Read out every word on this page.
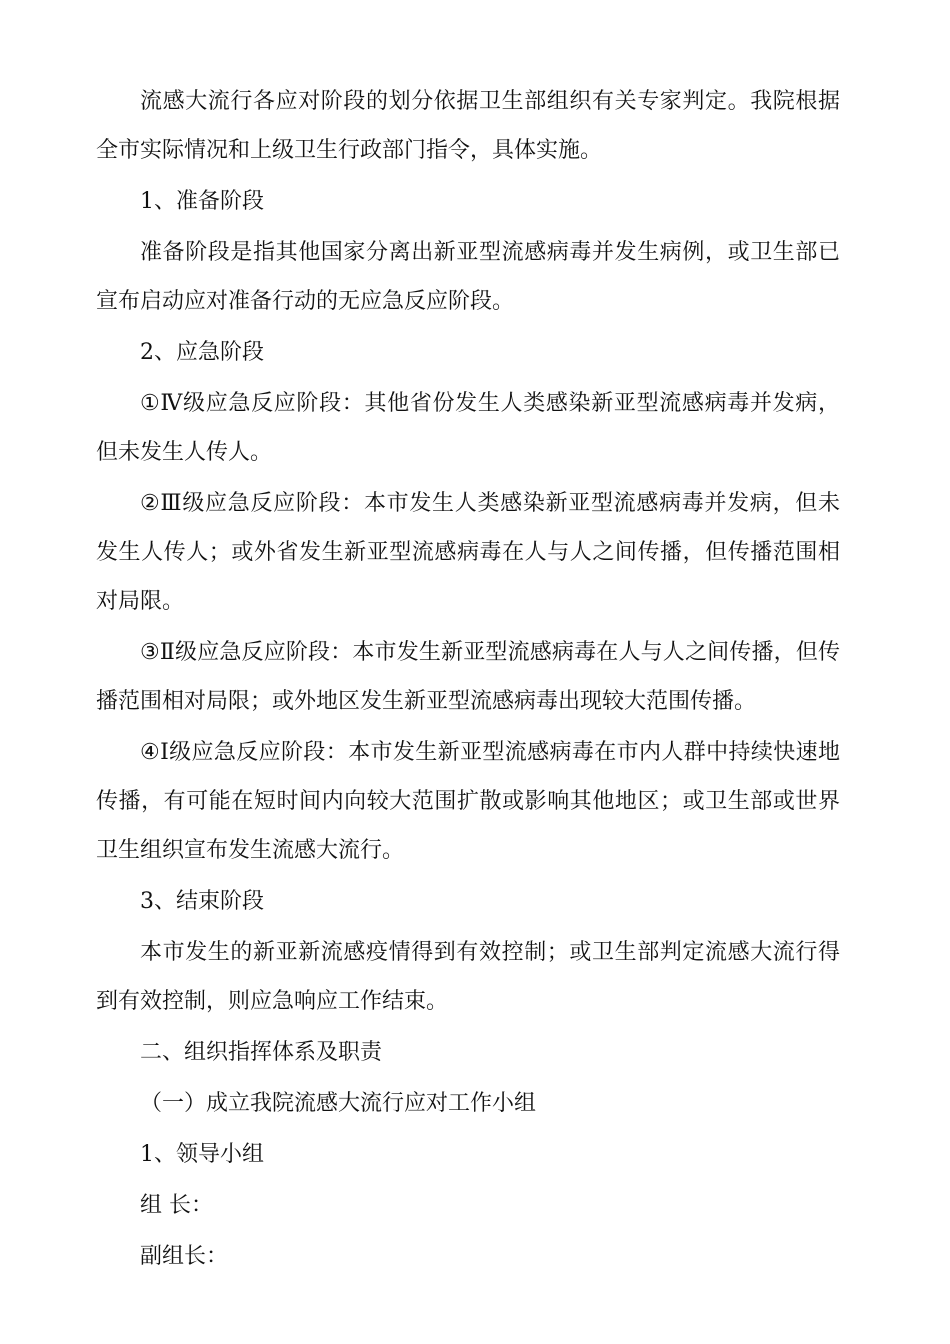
流感大流行各应对阶段的划分依据卫生部组织有关专家判定。我院根据全市实际情况和上级卫生行政部门指令，具体实施。

1、准备阶段

准备阶段是指其他国家分离出新亚型流感病毒并发生病例，或卫生部已宣布启动应对准备行动的无应急反应阶段。

2、应急阶段

①Ⅳ级应急反应阶段：其他省份发生人类感染新亚型流感病毒并发病，但未发生人传人。

②Ⅲ级应急反应阶段：本市发生人类感染新亚型流感病毒并发病，但未发生人传人；或外省发生新亚型流感病毒在人与人之间传播，但传播范围相对局限。

③Ⅱ级应急反应阶段：本市发生新亚型流感病毒在人与人之间传播，但传播范围相对局限；或外地区发生新亚型流感病毒出现较大范围传播。

④Ⅰ级应急反应阶段：本市发生新亚型流感病毒在市内人群中持续快速地传播，有可能在短时间内向较大范围扩散或影响其他地区；或卫生部或世界卫生组织宣布发生流感大流行。

3、结束阶段

本市发生的新亚新流感疫情得到有效控制；或卫生部判定流感大流行得到有效控制，则应急响应工作结束。

二、组织指挥体系及职责

（一）成立我院流感大流行应对工作小组

1、领导小组

组 长：

副组长：
